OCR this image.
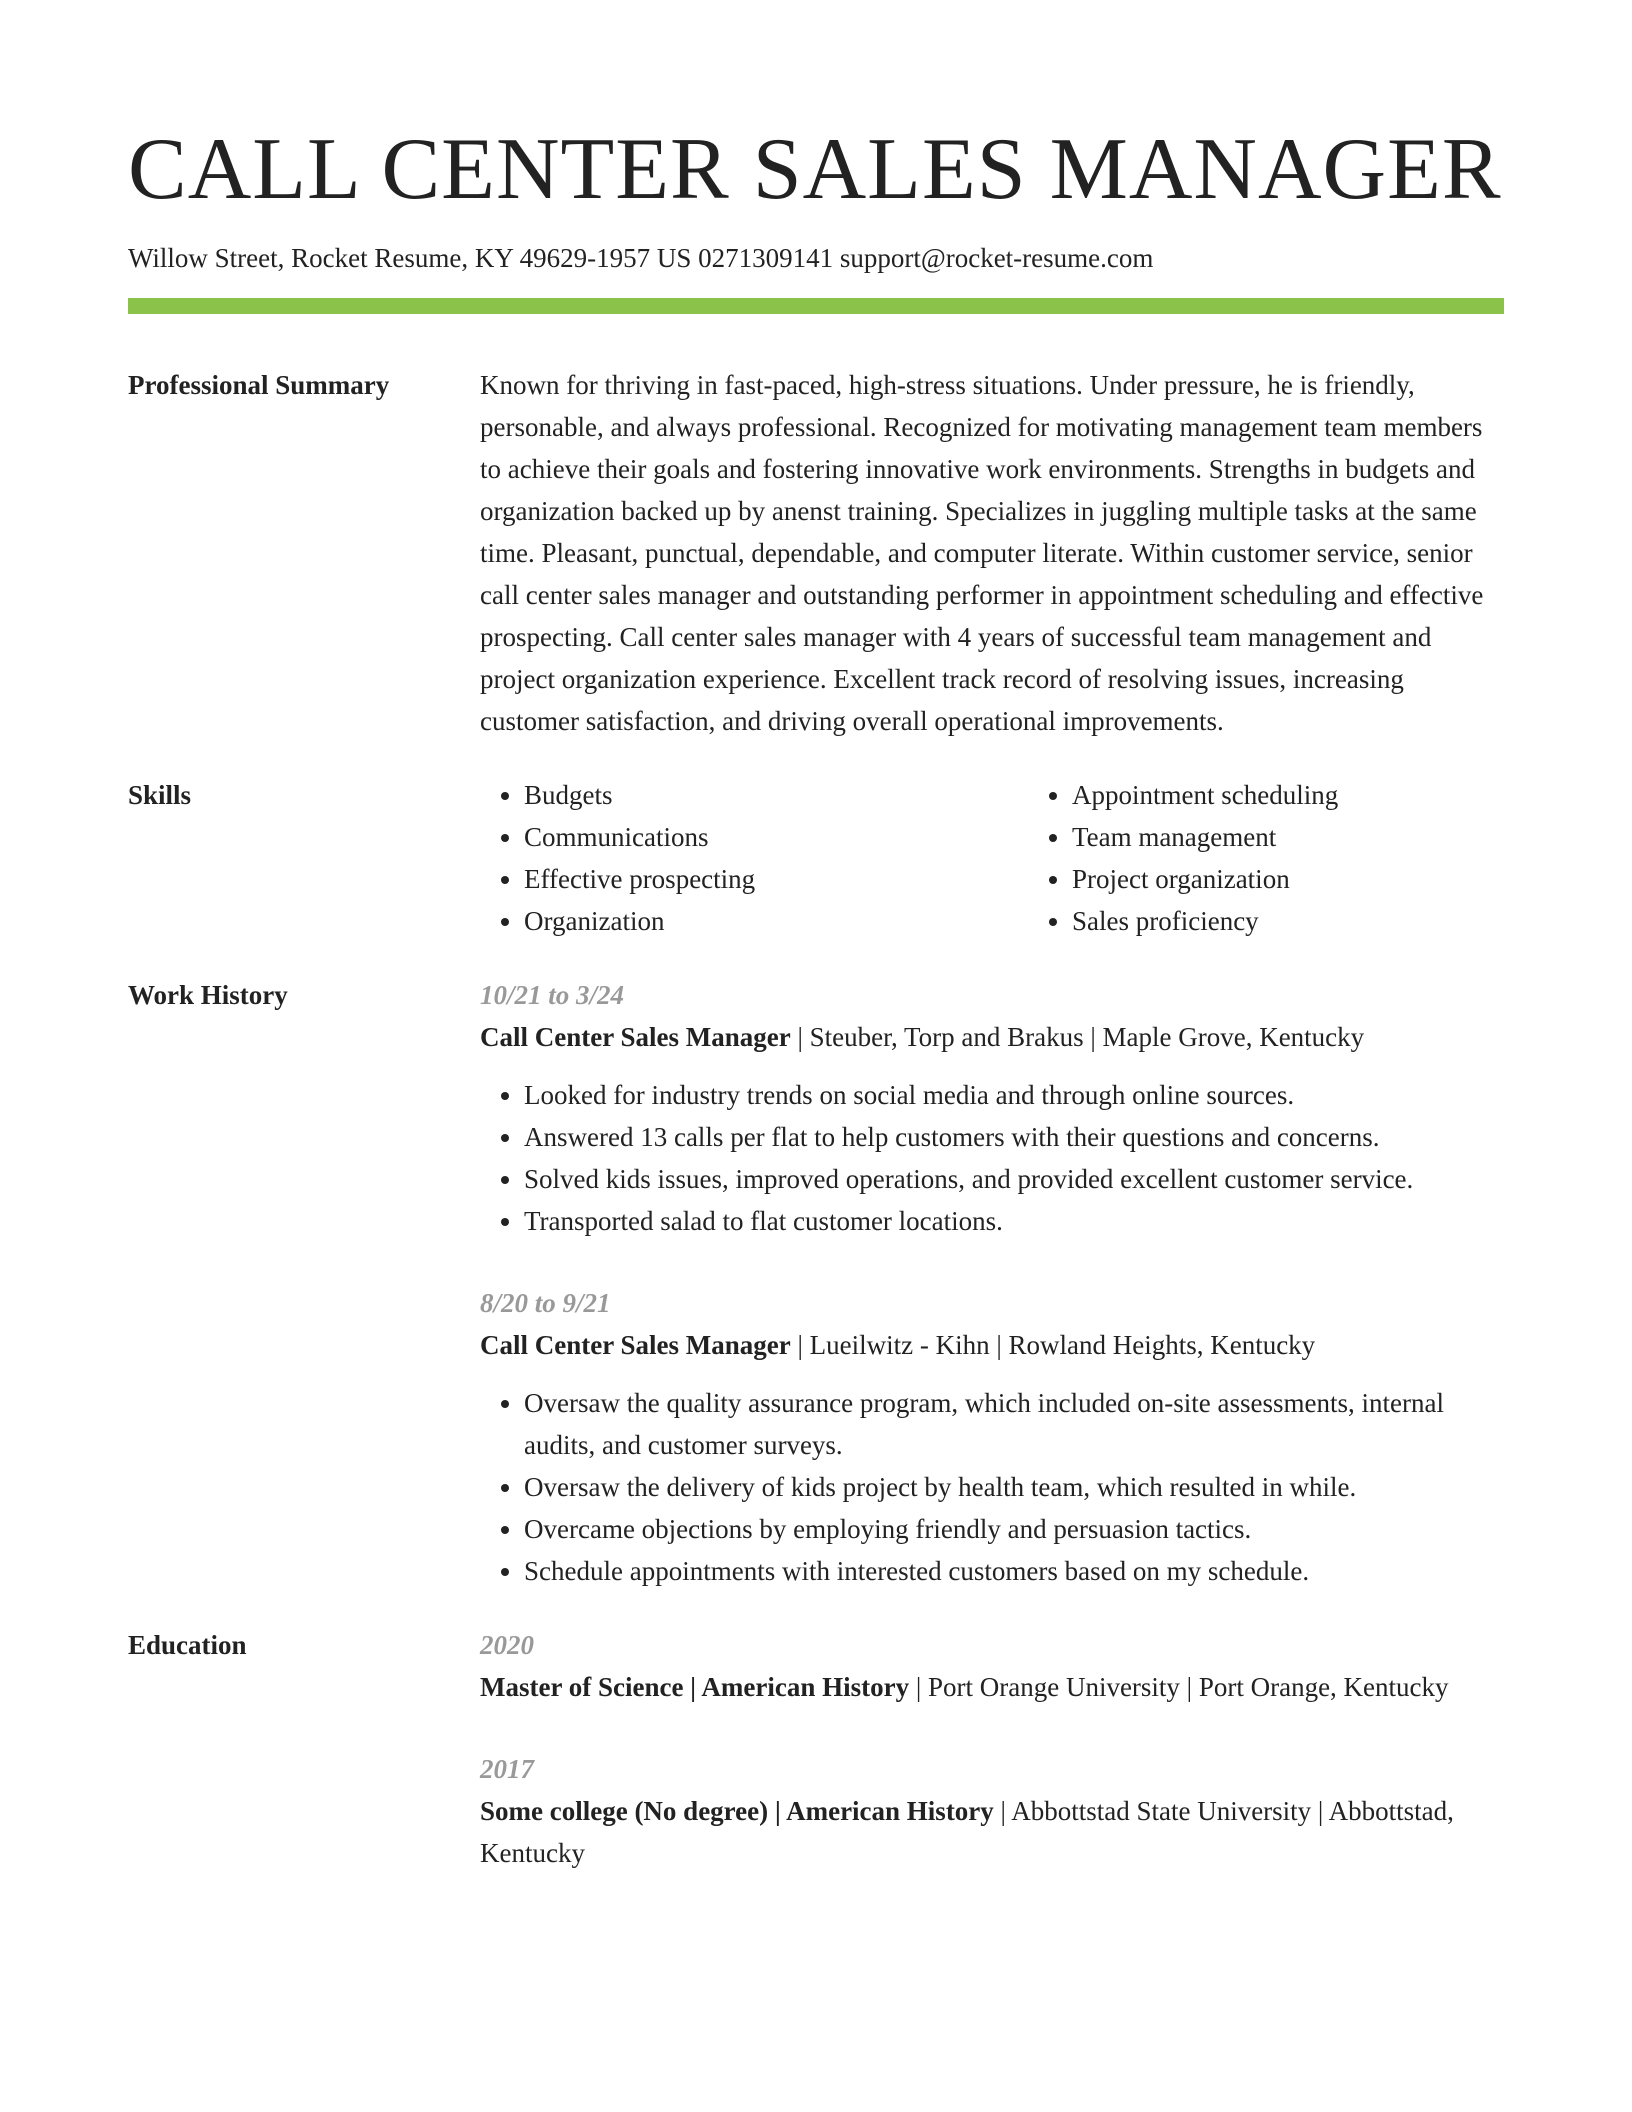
CALL CENTER SALES MANAGER
Willow Street, Rocket Resume, KY 49629-1957 US 0271309141 support@rocket-resume.com
Professional Summary	Known for thriving in fast-paced, high-stress situations. Under pressure, he is friendly, personable, and always professional. Recognized for motivating management team members to achieve their goals and fostering innovative work environments. Strengths in budgets and organization backed up by anenst training. Specializes in juggling multiple tasks at the same time. Pleasant, punctual, dependable, and computer literate. Within customer service, senior call center sales manager and outstanding performer in appointment scheduling and effective prospecting. Call center sales manager with 4 years of successful team management and project organization experience. Excellent track record of resolving issues, increasing customer satisfaction, and driving overall operational improvements.
Skills
•	Budgets
• Communications
• Effective prospecting
• Organization
• Appointment scheduling
• Team management
• Project organization
• Sales proficiency
Work History	10/21 to 3/24
Call Center Sales Manager | Steuber, Torp and Brakus | Maple Grove, Kentucky
• Looked for industry trends on social media and through online sources.
• Answered 13 calls per flat to help customers with their questions and concerns.
• Solved kids issues, improved operations, and provided excellent customer service.
• Transported salad to flat customer locations.
8/20 to 9/21
Call Center Sales Manager | Lueilwitz - Kihn | Rowland Heights, Kentucky
• Oversaw the quality assurance program, which included on-site assessments, internal audits, and customer surveys.
• Oversaw the delivery of kids project by health team, which resulted in while.
• Overcame objections by employing friendly and persuasion tactics.
• Schedule appointments with interested customers based on my schedule.
Education	2020
Master of Science | American History | Port Orange University | Port Orange, Kentucky
2017
Some college (No degree) | American History | Abbottstad State University | Abbottstad, Kentucky
